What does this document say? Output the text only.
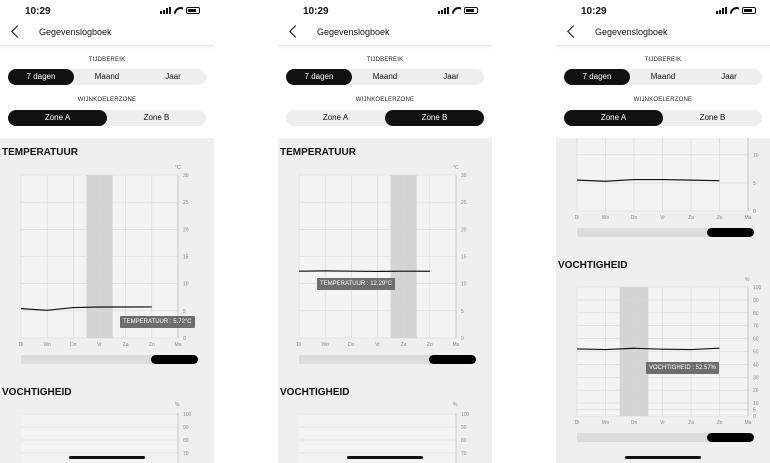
10:29
Gegevenslogboek
TIJDBEREIK
7 dagen	Maand	Jaar
WIJNKOELERZONE
Zone A	Zone B
TEMPERATUUR
0
5
10
15
20
25
30
Di	Wo	Do	Vr	Za	Zo	Ma
°C
TEMPERATUUR : 5.72°C
VOCHTIGHEID
%
100
90
80
70
10:29
Gegevenslogboek
TIJDBEREIK
7 dagen	Maand	Jaar
WIJNKOELERZONE
Zone A	Zone B
TEMPERATUUR
0
5
10
15
20
25
30
Di	Wo	Do	Vr	Za	Zo	Ma
°C
TEMPERATUUR : 12.29°C
VOCHTIGHEID
%
100
90
80
70
10:29
Gegevenslogboek
TIJDBEREIK
7 dagen	Maand	Jaar
WIJNKOELERZONE
Zone A	Zone B
0
5
10
Di	Wo	Do	Vr	Za	Zo	Ma
VOCHTIGHEID
0
5
10
20
30
40
50
60
70
80
90
100
Di	Wo	Do	Vr	Za	Zo	Ma
%
VOCHTIGHEID : 52.57%
